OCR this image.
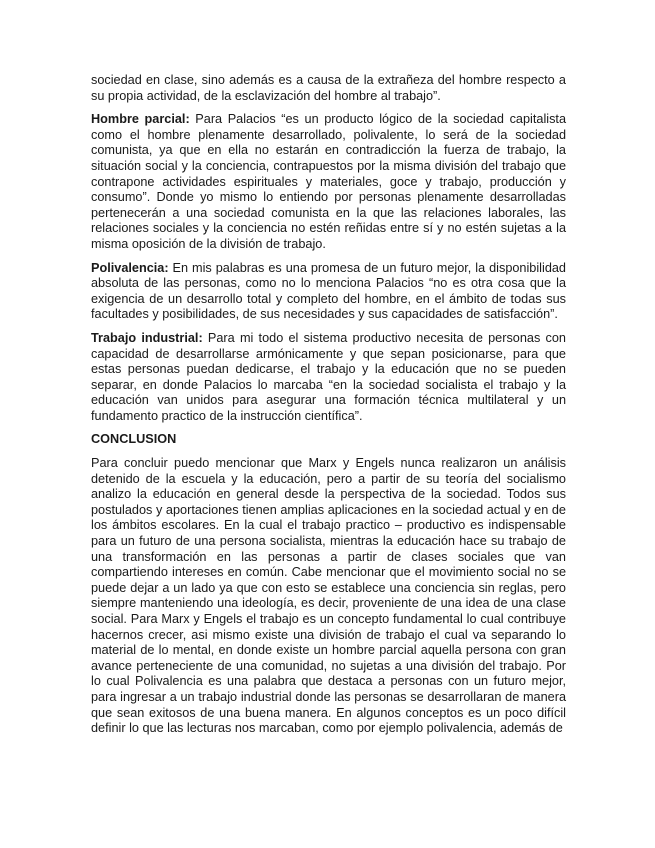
sociedad en clase, sino además es a causa de la extrañeza del hombre respecto a su propia actividad, de la esclavización del hombre al trabajo”.

Hombre parcial: Para Palacios “es un producto lógico de la sociedad capitalista como el hombre plenamente desarrollado, polivalente, lo será de la sociedad comunista, ya que en ella no estarán en contradicción la fuerza de trabajo, la situación social y la conciencia, contrapuestos por la misma división del trabajo que contrapone actividades espirituales y materiales, goce y trabajo, producción y consumo”. Donde yo mismo lo entiendo por personas plenamente desarrolladas pertenecerán a una sociedad comunista en la que las relaciones laborales, las relaciones sociales y la conciencia no estén reñidas entre sí y no estén sujetas a la misma oposición de la división de trabajo.

Polivalencia: En mis palabras es una promesa de un futuro mejor, la disponibilidad absoluta de las personas, como no lo menciona Palacios “no es otra cosa que la exigencia de un desarrollo total y completo del hombre, en el ámbito de todas sus facultades y posibilidades, de sus necesidades y sus capacidades de satisfacción”.

Trabajo industrial: Para mi todo el sistema productivo necesita de personas con capacidad de desarrollarse armónicamente y que sepan posicionarse, para que estas personas puedan dedicarse, el trabajo y la educación que no se pueden separar, en donde Palacios lo marcaba “en la sociedad socialista el trabajo y la educación van unidos para asegurar una formación técnica multilateral y un fundamento practico de la instrucción científica”.

CONCLUSION

Para concluir puedo mencionar que Marx y Engels nunca realizaron un análisis detenido de la escuela y la educación, pero a partir de su teoría del socialismo analizo la educación en general desde la perspectiva de la sociedad. Todos sus postulados y aportaciones tienen amplias aplicaciones en la sociedad actual y en de los ámbitos escolares. En la cual el trabajo practico – productivo es indispensable para un futuro de una persona socialista, mientras la educación hace su trabajo de una transformación en las personas a partir de clases sociales que van compartiendo intereses en común. Cabe mencionar que el movimiento social no se puede dejar a un lado ya que con esto se establece una conciencia sin reglas, pero siempre manteniendo una ideología, es decir, proveniente de una idea de una clase social. Para Marx y Engels el trabajo es un concepto fundamental lo cual contribuye hacernos crecer, asi mismo existe una división de trabajo el cual va separando lo material de lo mental, en donde existe un hombre parcial aquella persona con gran avance perteneciente de una comunidad, no sujetas a una división del trabajo. Por lo cual Polivalencia es una palabra que destaca a personas con un futuro mejor, para ingresar a un trabajo industrial donde las personas se desarrollaran de manera que sean exitosos de una buena manera. En algunos conceptos es un poco difícil definir lo que las lecturas nos marcaban, como por ejemplo polivalencia, además de
